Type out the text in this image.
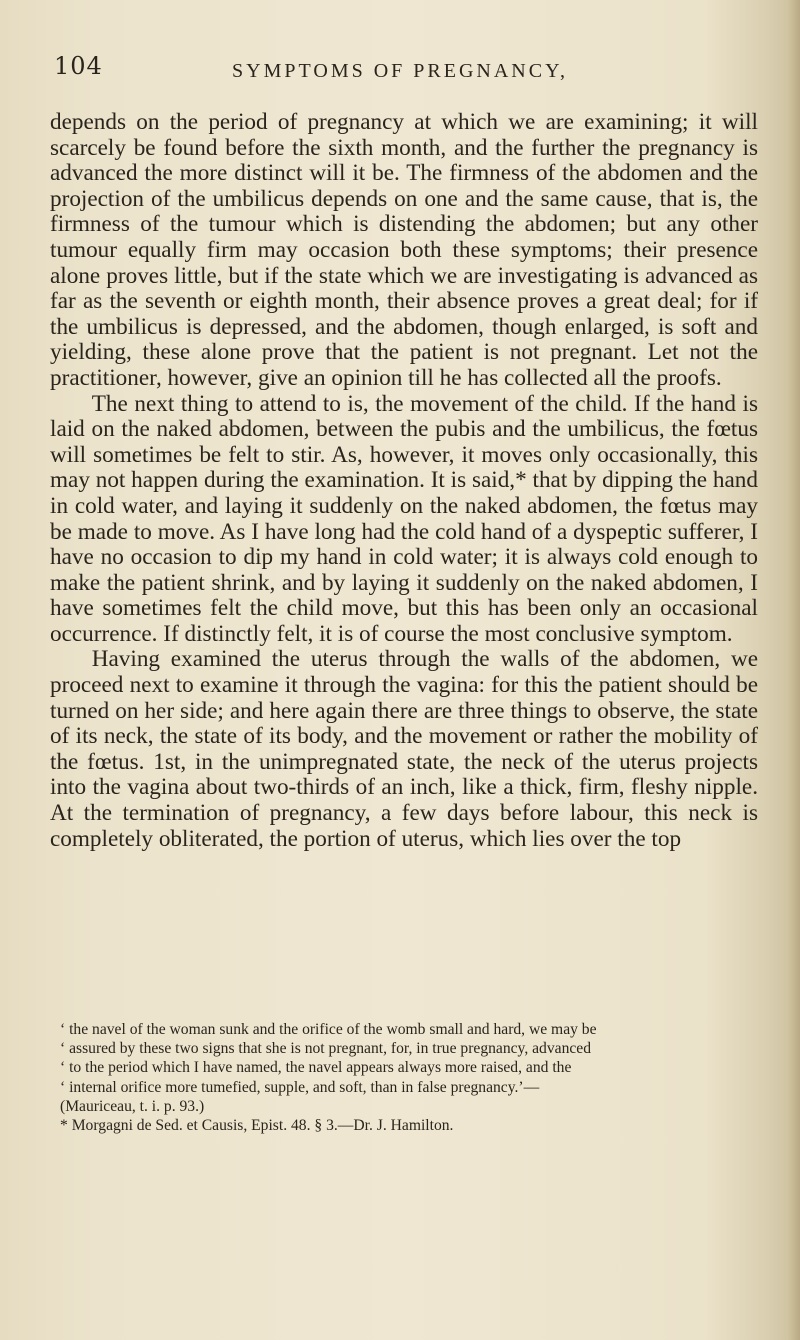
104	SYMPTOMS OF PREGNANCY,

depends on the period of pregnancy at which we are examining; it will scarcely be found before the sixth month, and the further the pregnancy is advanced the more distinct will it be. The firmness of the abdomen and the projection of the umbilicus depends on one and the same cause, that is, the firmness of the tumour which is distending the abdomen; but any other tumour equally firm may occasion both these symptoms; their presence alone proves little, but if the state which we are investigating is advanced as far as the seventh or eighth month, their absence proves a great deal; for if the umbilicus is depressed, and the abdomen, though enlarged, is soft and yielding, these alone prove that the patient is not pregnant. Let not the practitioner, however, give an opinion till he has collected all the proofs.

The next thing to attend to is, the movement of the child. If the hand is laid on the naked abdomen, between the pubis and the umbilicus, the fœtus will sometimes be felt to stir. As, however, it moves only occasionally, this may not happen during the examination. It is said,* that by dipping the hand in cold water, and laying it suddenly on the naked abdomen, the fœtus may be made to move. As I have long had the cold hand of a dyspeptic sufferer, I have no occasion to dip my hand in cold water; it is always cold enough to make the patient shrink, and by laying it suddenly on the naked abdomen, I have sometimes felt the child move, but this has been only an occasional occurrence. If distinctly felt, it is of course the most conclusive symptom.

Having examined the uterus through the walls of the abdomen, we proceed next to examine it through the vagina: for this the patient should be turned on her side; and here again there are three things to observe, the state of its neck, the state of its body, and the movement or rather the mobility of the fœtus. 1st, in the unimpregnated state, the neck of the uterus projects into the vagina about two-thirds of an inch, like a thick, firm, fleshy nipple. At the termination of pregnancy, a few days before labour, this neck is completely obliterated, the portion of uterus, which lies over the top

‘ the navel of the woman sunk and the orifice of the womb small and hard, we may be

‘ assured by these two signs that she is not pregnant, for, in true pregnancy, advanced

‘ to the period which I have named, the navel appears always more raised, and the

‘ internal orifice more tumefied, supple, and soft, than in false pregnancy.’—

(Mauriceau, t. i. p. 93.)

* Morgagni de Sed. et Causis, Epist. 48. § 3.—Dr. J. Hamilton.
